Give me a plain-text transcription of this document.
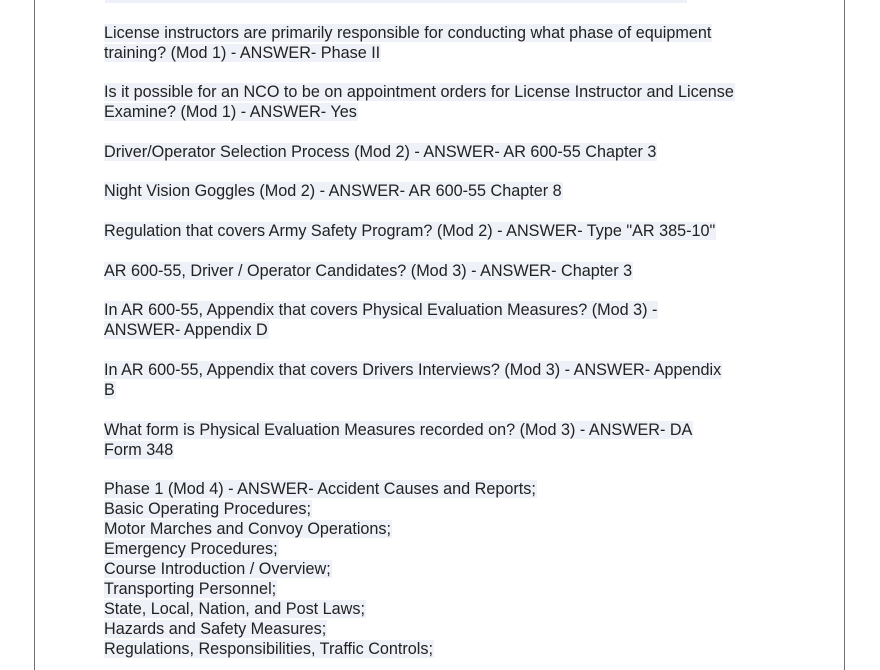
License instructors are primarily responsible for conducting what phase of equipment
training? (Mod 1) - ANSWER- Phase II
Is it possible for an NCO to be on appointment orders for License Instructor and License
Examine? (Mod 1) - ANSWER- Yes
Driver/Operator Selection Process (Mod 2) - ANSWER- AR 600-55 Chapter 3
Night Vision Goggles (Mod 2) - ANSWER- AR 600-55 Chapter 8
Regulation that covers Army Safety Program? (Mod 2) - ANSWER- Type "AR 385-10"
AR 600-55, Driver / Operator Candidates? (Mod 3) - ANSWER- Chapter 3
In AR 600-55, Appendix that covers Physical Evaluation Measures? (Mod 3) -
ANSWER- Appendix D
In AR 600-55, Appendix that covers Drivers Interviews? (Mod 3) - ANSWER- Appendix
B
What form is Physical Evaluation Measures recorded on? (Mod 3) - ANSWER- DA
Form 348
Phase 1 (Mod 4) - ANSWER- Accident Causes and Reports;
Basic Operating Procedures;
Motor Marches and Convoy Operations;
Emergency Procedures;
Course Introduction / Overview;
Transporting Personnel;
State, Local, Nation, and Post Laws;
Hazards and Safety Measures;
Regulations, Responsibilities, Traffic Controls;
